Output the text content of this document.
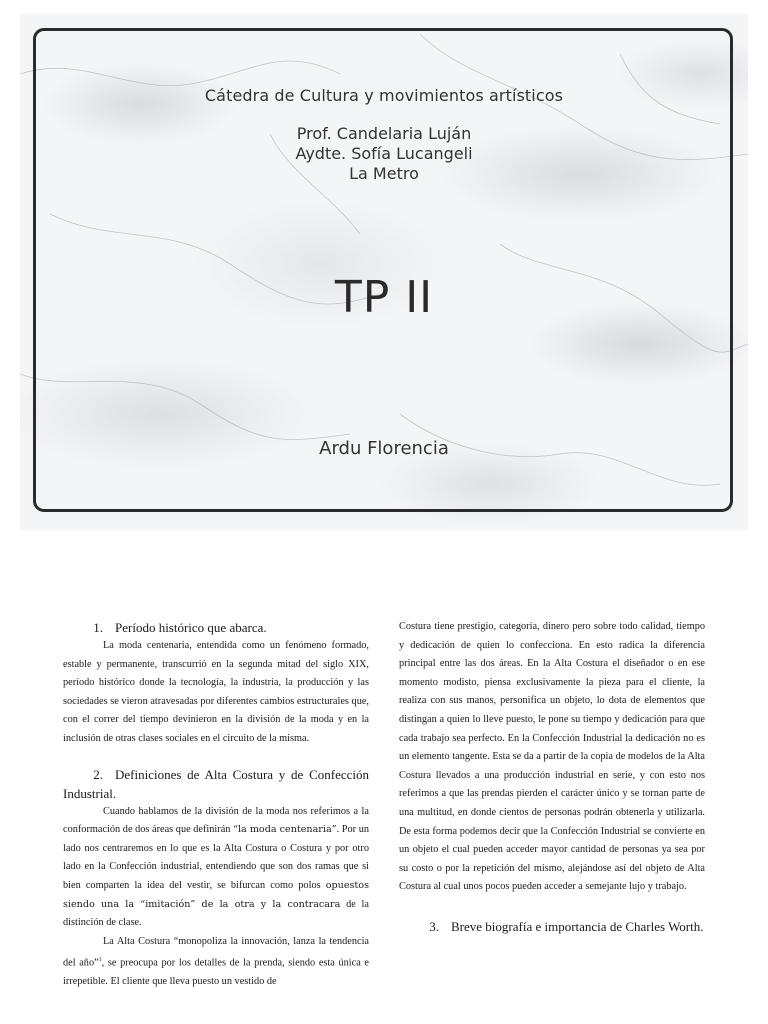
Cátedra de Cultura y movimientos artísticos
Prof. Candelaria Luján
Aydte. Sofía Lucangeli
La Metro
TP II
Ardu Florencia
1. Período histórico que abarca.

La moda centenaria, entendida como un fenómeno formado, estable y permanente, transcurrió en la segunda mitad del siglo XIX, período histórico donde la tecnología, la industria, la producción y las sociedades se vieron atravesadas por diferentes cambios estructurales que, con el correr del tiempo devinieron en la división de la moda y en la inclusión de otras clases sociales en el circuito de la misma.

2. Definiciones de Alta Costura y de Confección Industrial.

Cuando hablamos de la división de la moda nos referimos a la conformación de dos áreas que definirán “la moda centenaria”. Por un lado nos centraremos en lo que es la Alta Costura o Costura y por otro lado en la Confección industrial, entendiendo que son dos ramas que si bien comparten la idea del vestir, se bifurcan como polos opuestos siendo una la “imitación” de la otra y la contracara de la distinción de clase.

La Alta Costura “monopoliza la innovación, lanza la tendencia del año”$^1$, se preocupa por los detalles de la prenda, siendo esta única e irrepetible. El cliente que lleva puesto un vestido de

Costura tiene prestigio, categoría, dinero pero sobre todo calidad, tiempo y dedicación de quien lo confecciona. En esto radica la diferencia principal entre las dos áreas. En la Alta Costura el diseñador o en ese momento modisto, piensa exclusivamente la pieza para el cliente, la realiza con sus manos, personifica un objeto, lo dota de elementos que distingan a quien lo lleve puesto, le pone su tiempo y dedicación para que cada trabajo sea perfecto. En la Confección Industrial la dedicación no es un elemento tangente. Esta se da a partir de la copia de modelos de la Alta Costura llevados a una producción industrial en serie, y con esto nos referimos a que las prendas pierden el carácter único y se tornan parte de una multitud, en donde cientos de personas podrán obtenerla y utilizarla. De esta forma podemos decir que la Confección Industrial se convierte en un objeto el cual pueden acceder mayor cantidad de personas ya sea por su costo o por la repetición del mismo, alejándose así del objeto de Alta Costura al cual unos pocos pueden acceder a semejante lujo y trabajo.

3. Breve biografía e importancia de Charles Worth.
